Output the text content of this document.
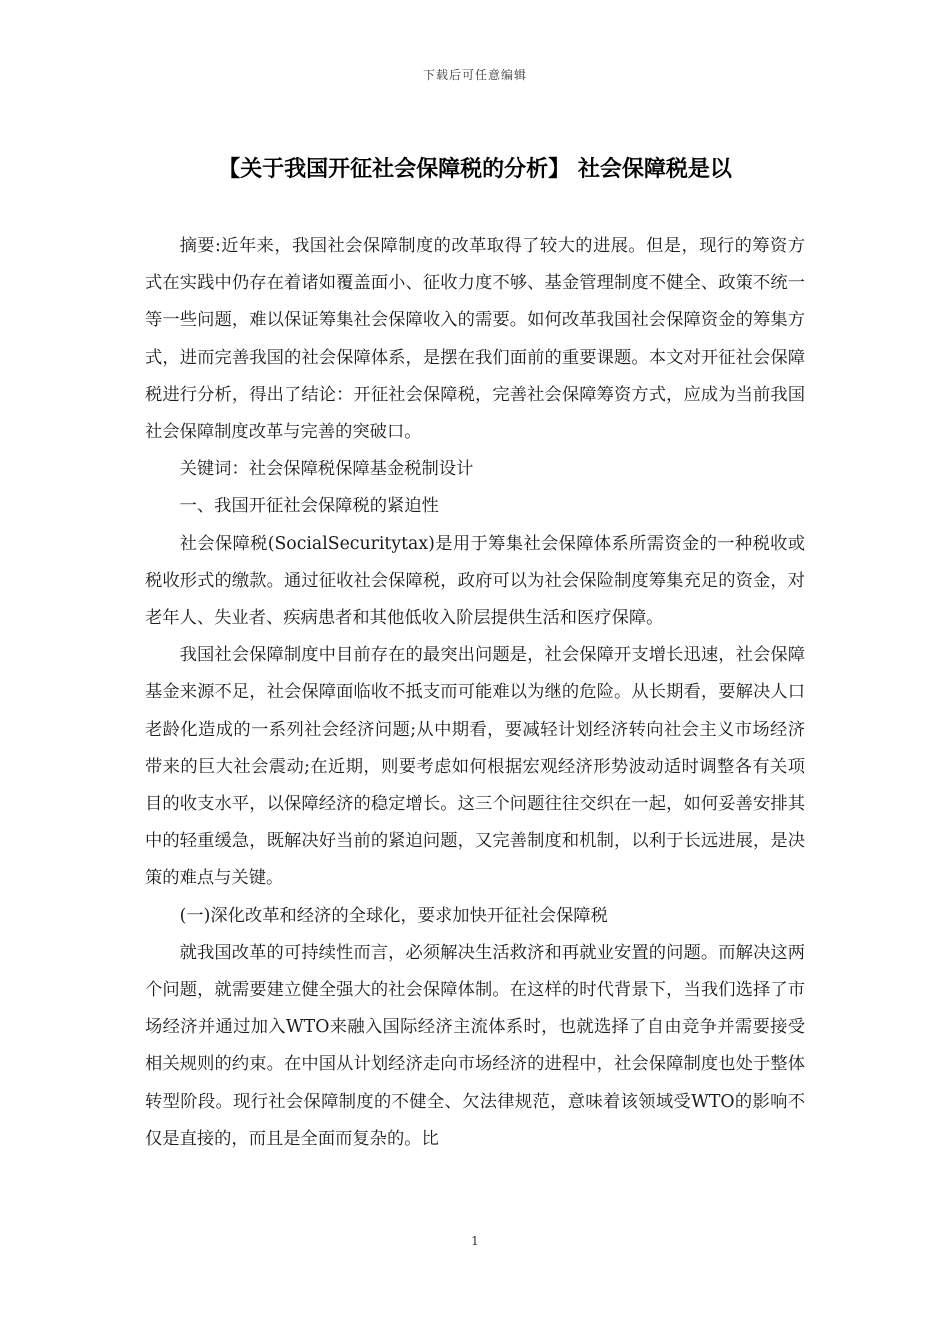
下载后可任意编辑
【关于我国开征社会保障税的分析】 社会保障税是以

摘要:近年来，我国社会保障制度的改革取得了较大的进展。但是，现行的筹资方式在实践中仍存在着诸如覆盖面小、征收力度不够、基金管理制度不健全、政策不统一等一些问题，难以保证筹集社会保障收入的需要。如何改革我国社会保障资金的筹集方式，进而完善我国的社会保障体系，是摆在我们面前的重要课题。本文对开征社会保障税进行分析，得出了结论：开征社会保障税，完善社会保障筹资方式，应成为当前我国社会保障制度改革与完善的突破口。

关键词：社会保障税保障基金税制设计

一、我国开征社会保障税的紧迫性

社会保障税(SocialSecuritytax)是用于筹集社会保障体系所需资金的一种税收或税收形式的缴款。通过征收社会保障税，政府可以为社会保险制度筹集充足的资金，对老年人、失业者、疾病患者和其他低收入阶层提供生活和医疗保障。

我国社会保障制度中目前存在的最突出问题是，社会保障开支增长迅速，社会保障基金来源不足，社会保障面临收不抵支而可能难以为继的危险。从长期看，要解决人口老龄化造成的一系列社会经济问题;从中期看，要减轻计划经济转向社会主义市场经济带来的巨大社会震动;在近期，则要考虑如何根据宏观经济形势波动适时调整各有关项目的收支水平，以保障经济的稳定增长。这三个问题往往交织在一起，如何妥善安排其中的轻重缓急，既解决好当前的紧迫问题，又完善制度和机制，以利于长远进展，是决策的难点与关键。

(一)深化改革和经济的全球化，要求加快开征社会保障税

就我国改革的可持续性而言，必须解决生活救济和再就业安置的问题。而解决这两个问题，就需要建立健全强大的社会保障体制。在这样的时代背景下，当我们选择了市场经济并通过加入WTO来融入国际经济主流体系时，也就选择了自由竞争并需要接受相关规则的约束。在中国从计划经济走向市场经济的进程中，社会保障制度也处于整体转型阶段。现行社会保障制度的不健全、欠法律规范，意味着该领域受WTO的影响不仅是直接的，而且是全面而复杂的。比

1
